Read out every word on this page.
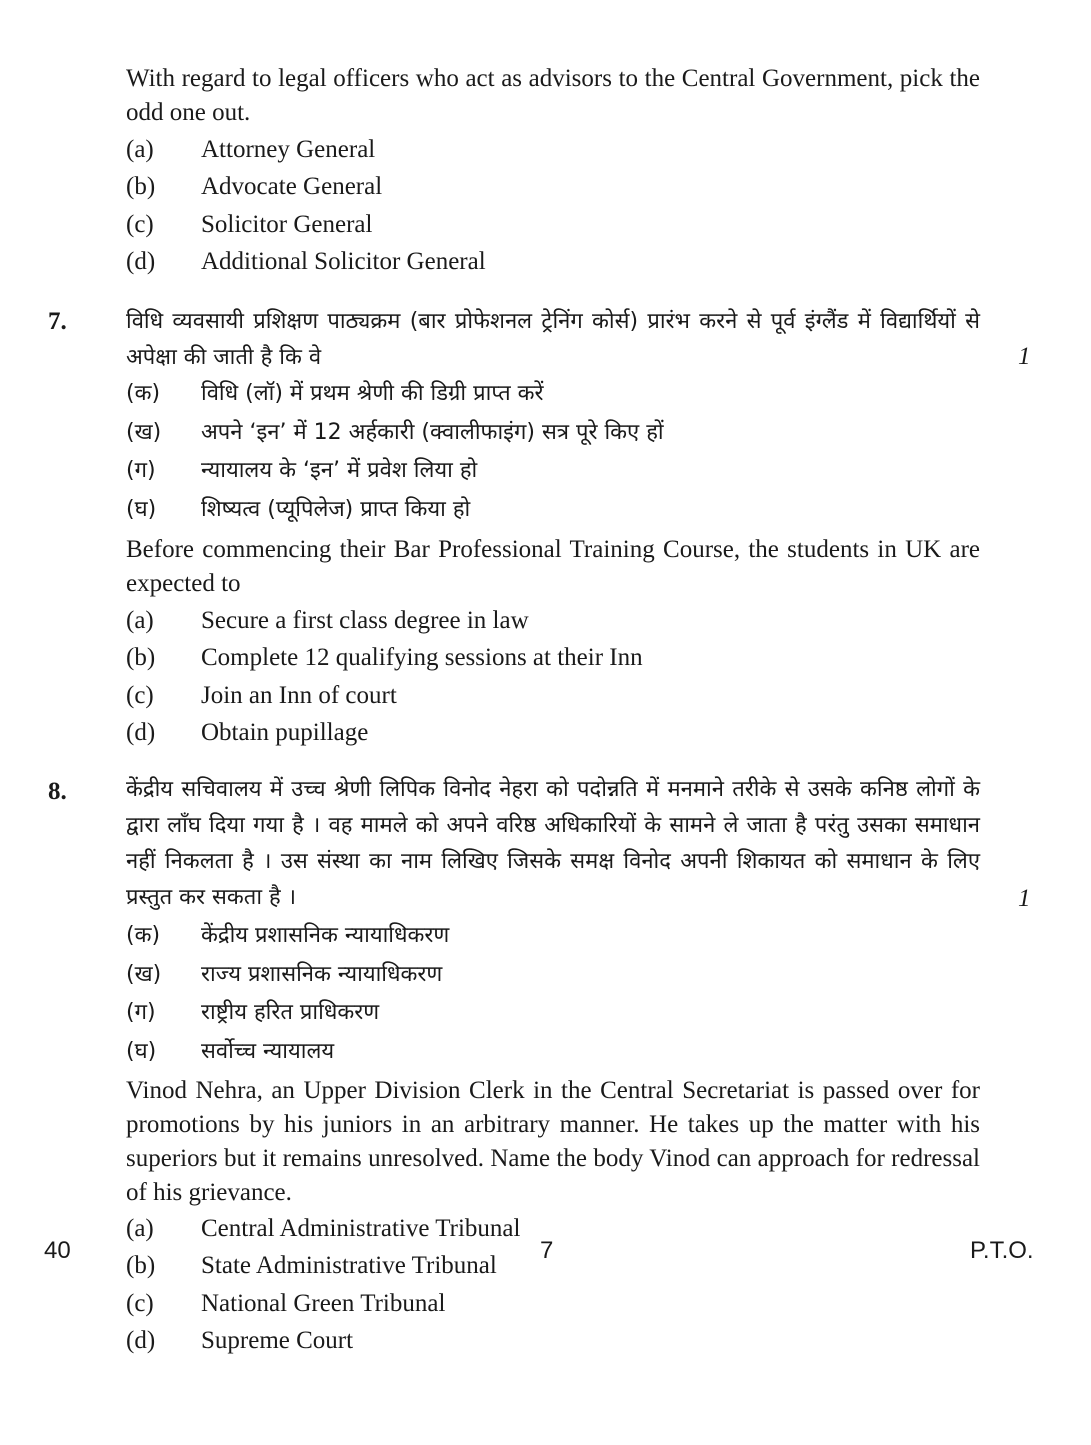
With regard to legal officers who act as advisors to the Central Government, pick the odd one out.

(a) Attorney General
(b) Advocate General
(c) Solicitor General
(d) Additional Solicitor General
7.	विधि व्यवसायी प्रशिक्षण पाठ्यक्रम (बार प्रोफेशनल ट्रेनिंग कोर्स) प्रारंभ करने से पूर्व इंग्लैंड में विद्यार्थियों से अपेक्षा की जाती है कि वे	1
(क) विधि (लॉ) में प्रथम श्रेणी की डिग्री प्राप्त करें
(ख) अपने ‘इन’ में 12 अर्हकारी (क्वालीफाइंग) सत्र पूरे किए हों
(ग) न्यायालय के ‘इन’ में प्रवेश लिया हो
(घ) शिष्यत्व (प्यूपिलेज) प्राप्त किया हो

Before commencing their Bar Professional Training Course, the students in UK are expected to

(a) Secure a first class degree in law
(b) Complete 12 qualifying sessions at their Inn
(c) Join an Inn of court
(d) Obtain pupillage
8.	केंद्रीय सचिवालय में उच्च श्रेणी लिपिक विनोद नेहरा को पदोन्नति में मनमाने तरीके से उसके कनिष्ठ लोगों के द्वारा लाँघ दिया गया है । वह मामले को अपने वरिष्ठ अधिकारियों के सामने ले जाता है परंतु उसका समाधान नहीं निकलता है । उस संस्था का नाम लिखिए जिसके समक्ष विनोद अपनी शिकायत को समाधान के लिए प्रस्तुत कर सकता है ।	1
(क) केंद्रीय प्रशासनिक न्यायाधिकरण
(ख) राज्य प्रशासनिक न्यायाधिकरण
(ग) राष्ट्रीय हरित प्राधिकरण
(घ) सर्वोच्च न्यायालय

Vinod Nehra, an Upper Division Clerk in the Central Secretariat is passed over for promotions by his juniors in an arbitrary manner. He takes up the matter with his superiors but it remains unresolved. Name the body Vinod can approach for redressal of his grievance.

(a) Central Administrative Tribunal
(b) State Administrative Tribunal
(c) National Green Tribunal
(d) Supreme Court
40	7	P.T.O.
